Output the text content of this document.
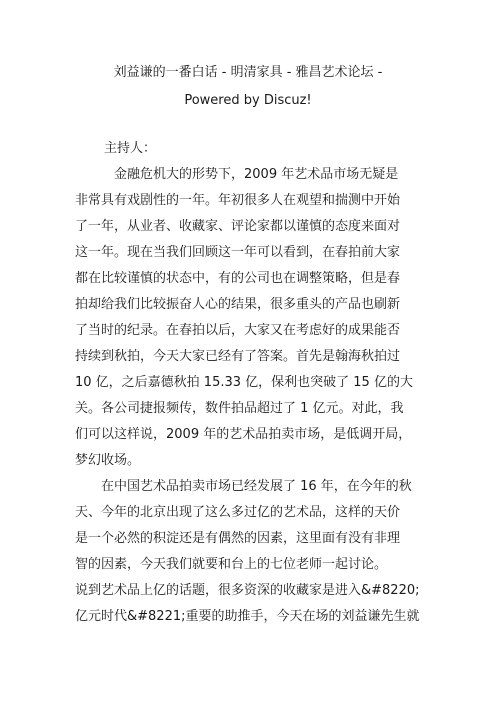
刘益谦的一番白话 - 明清家具 - 雅昌艺术论坛 -
Powered by Discuz!
主持人：
　　　金融危机大的形势下，2009 年艺术品市场无疑是
非常具有戏剧性的一年。年初很多人在观望和揣测中开始
了一年，从业者、收藏家、评论家都以谨慎的态度来面对
这一年。现在当我们回顾这一年可以看到，在春拍前大家
都在比较谨慎的状态中，有的公司也在调整策略，但是春
拍却给我们比较振奋人心的结果，很多重头的产品也刷新
了当时的纪录。在春拍以后，大家又在考虑好的成果能否
持续到秋拍，今天大家已经有了答案。首先是翰海秋拍过
10 亿，之后嘉德秋拍 15.33 亿，保利也突破了 15 亿的大
关。各公司捷报频传，数件拍品超过了 1 亿元。对此，我
们可以这样说，2009 年的艺术品拍卖市场，是低调开局，
梦幻收场。
　　在中国艺术品拍卖市场已经发展了 16 年，在今年的秋
天、今年的北京出现了这么多过亿的艺术品，这样的天价
是一个必然的积淀还是有偶然的因素，这里面有没有非理
智的因素，今天我们就要和台上的七位老师一起讨论。
说到艺术品上亿的话题，很多资深的收藏家是进入&#8220;
亿元时代&#8221;重要的助推手，今天在场的刘益谦先生就
